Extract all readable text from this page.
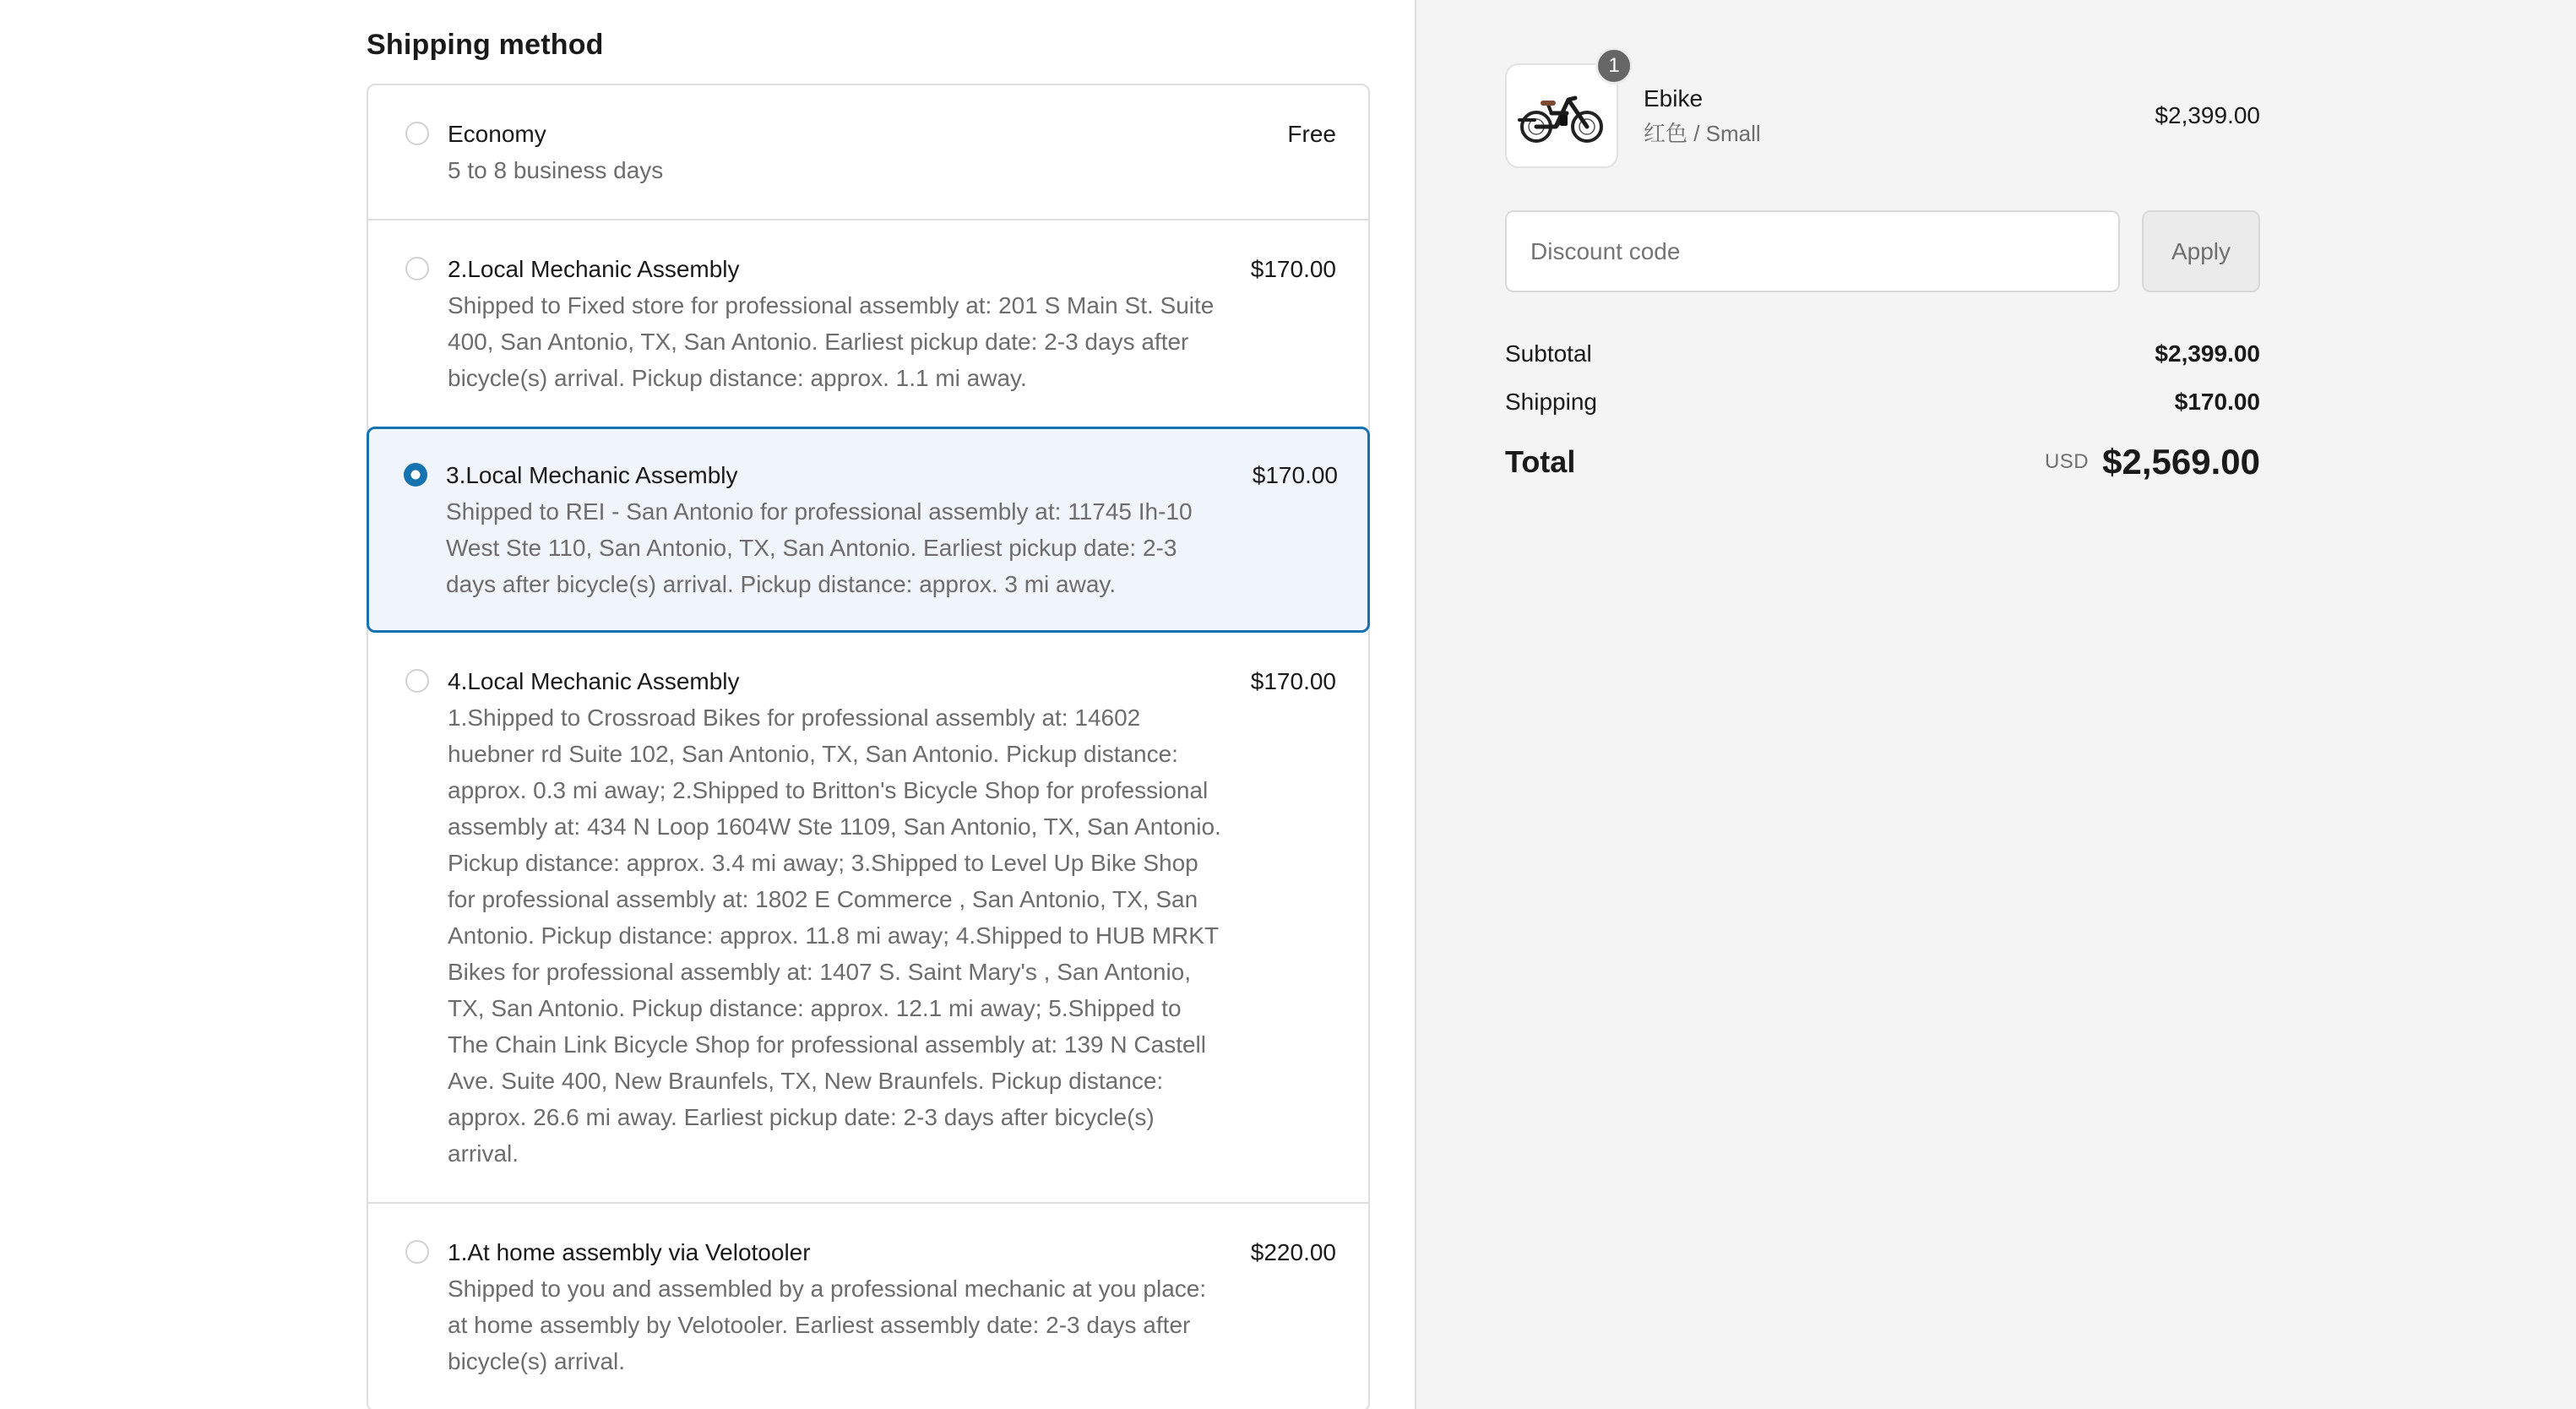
Shipping method
Economy
5 to 8 business days
Free
2.Local Mechanic Assembly
Shipped to Fixed store for professional assembly at: 201 S Main St. Suite 400, San Antonio, TX, San Antonio. Earliest pickup date: 2-3 days after bicycle(s) arrival. Pickup distance: approx. 1.1 mi away.
$170.00
3.Local Mechanic Assembly
Shipped to REI - San Antonio for professional assembly at: 11745 Ih-10 West Ste 110, San Antonio, TX, San Antonio. Earliest pickup date: 2-3 days after bicycle(s) arrival. Pickup distance: approx. 3 mi away.
$170.00
4.Local Mechanic Assembly
1.Shipped to Crossroad Bikes for professional assembly at: 14602 huebner rd Suite 102, San Antonio, TX, San Antonio. Pickup distance: approx. 0.3 mi away; 2.Shipped to Britton's Bicycle Shop for professional assembly at: 434 N Loop 1604W Ste 1109, San Antonio, TX, San Antonio. Pickup distance: approx. 3.4 mi away; 3.Shipped to Level Up Bike Shop for professional assembly at: 1802 E Commerce , San Antonio, TX, San Antonio. Pickup distance: approx. 11.8 mi away; 4.Shipped to HUB MRKT Bikes for professional assembly at: 1407 S. Saint Mary's , San Antonio, TX, San Antonio. Pickup distance: approx. 12.1 mi away; 5.Shipped to The Chain Link Bicycle Shop for professional assembly at: 139 N Castell Ave. Suite 400, New Braunfels, TX, New Braunfels. Pickup distance: approx. 26.6 mi away. Earliest pickup date: 2-3 days after bicycle(s) arrival.
$170.00
1.At home assembly via Velotooler
Shipped to you and assembled by a professional mechanic at you place: at home assembly by Velotooler. Earliest assembly date: 2-3 days after bicycle(s) arrival.
$220.00
1
Ebike
红色 / Small
$2,399.00
Discount code
Apply
Subtotal	$2,399.00
Shipping	$170.00
Total	USD $2,569.00
